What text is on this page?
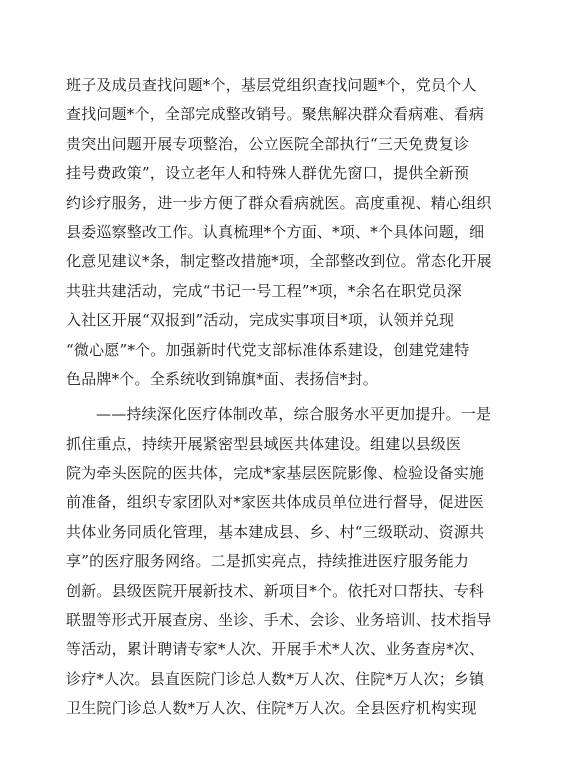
班子及成员查找问题*个，基层党组织查找问题*个，党员个人
查找问题*个，全部完成整改销号。聚焦解决群众看病难、看病
贵突出问题开展专项整治，公立医院全部执行“三天免费复诊
挂号费政策”，设立老年人和特殊人群优先窗口，提供全新预
约诊疗服务，进一步方便了群众看病就医。高度重视、精心组织
县委巡察整改工作。认真梳理*个方面、*项、*个具体问题，细
化意见建议*条，制定整改措施*项，全部整改到位。常态化开展
共驻共建活动，完成“书记一号工程”*项，*余名在职党员深
入社区开展“双报到”活动，完成实事项目*项，认领并兑现
“微心愿”*个。加强新时代党支部标准体系建设，创建党建特
色品牌*个。全系统收到锦旗*面、表扬信*封。
——持续深化医疗体制改革，综合服务水平更加提升。一是
抓住重点，持续开展紧密型县域医共体建设。组建以县级医
院为牵头医院的医共体，完成*家基层医院影像、检验设备实施
前准备，组织专家团队对*家医共体成员单位进行督导，促进医
共体业务同质化管理，基本建成县、乡、村“三级联动、资源共
享”的医疗服务网络。二是抓实亮点，持续推进医疗服务能力
创新。县级医院开展新技术、新项目*个。依托对口帮扶、专科
联盟等形式开展查房、坐诊、手术、会诊、业务培训、技术指导
等活动，累计聘请专家*人次、开展手术*人次、业务查房*次、
诊疗*人次。县直医院门诊总人数*万人次、住院*万人次；乡镇
卫生院门诊总人数*万人次、住院*万人次。全县医疗机构实现
